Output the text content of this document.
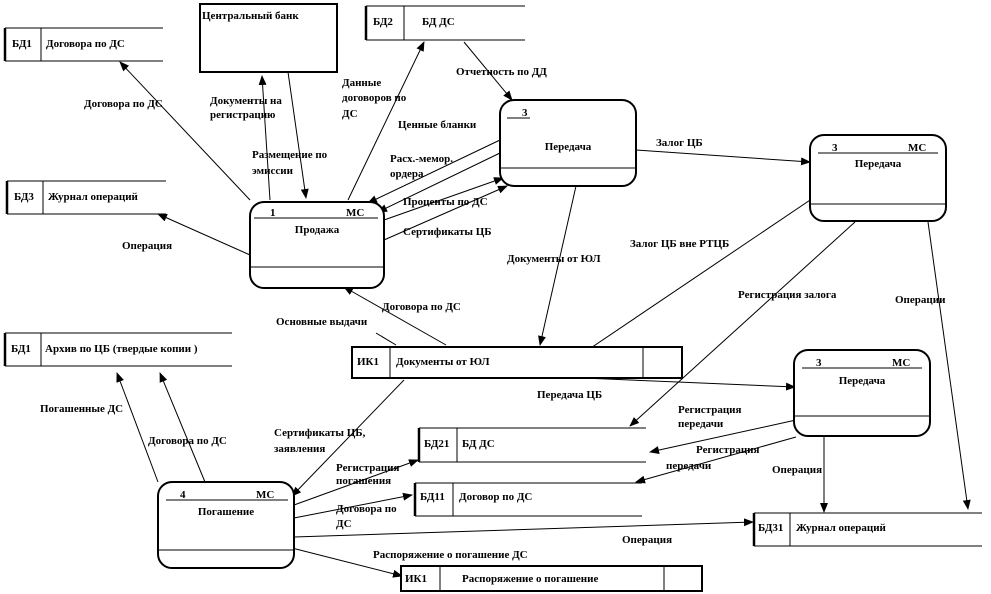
БД1 Договора по ДС
БД2	БД ДС
БД3 Журнал операций
БД1 Архив по ЦБ (твердые копии )
ИК1 Документы от ЮЛ
БД21 БД ДС
БД11 Договор по ДС
БД31 Журнал операций
ИК1	Распоряжение о погашение
Центральный банк
1	МС
Продажа
3
Передача	3	МС
Передача
3	МС
Передача
4	МС
Погашение
Договора по ДС	Документы на
регистрацию
Размещение по
эмиссии
Данные
договоров по
ДС
Отчетность по ДД
Ценные бланки
Расх.-мемор.
ордера
Проценты по ДС
Сертификаты ЦБ
Операция
Документы от ЮЛ
Договора по ДС
Основные выдачи
Залог ЦБ
Залог ЦБ вне РТЦБ
Регистрация залога	Операции
Передача ЦБ
Регистрация
передачи
Регистрация
передачи	Операция
Погашенные ДС
Договора по ДС
Сертификаты ЦБ,
заявления
Регистрация
погашения
Договора по
ДС
Операция
Распоряжение о погашение ДС
